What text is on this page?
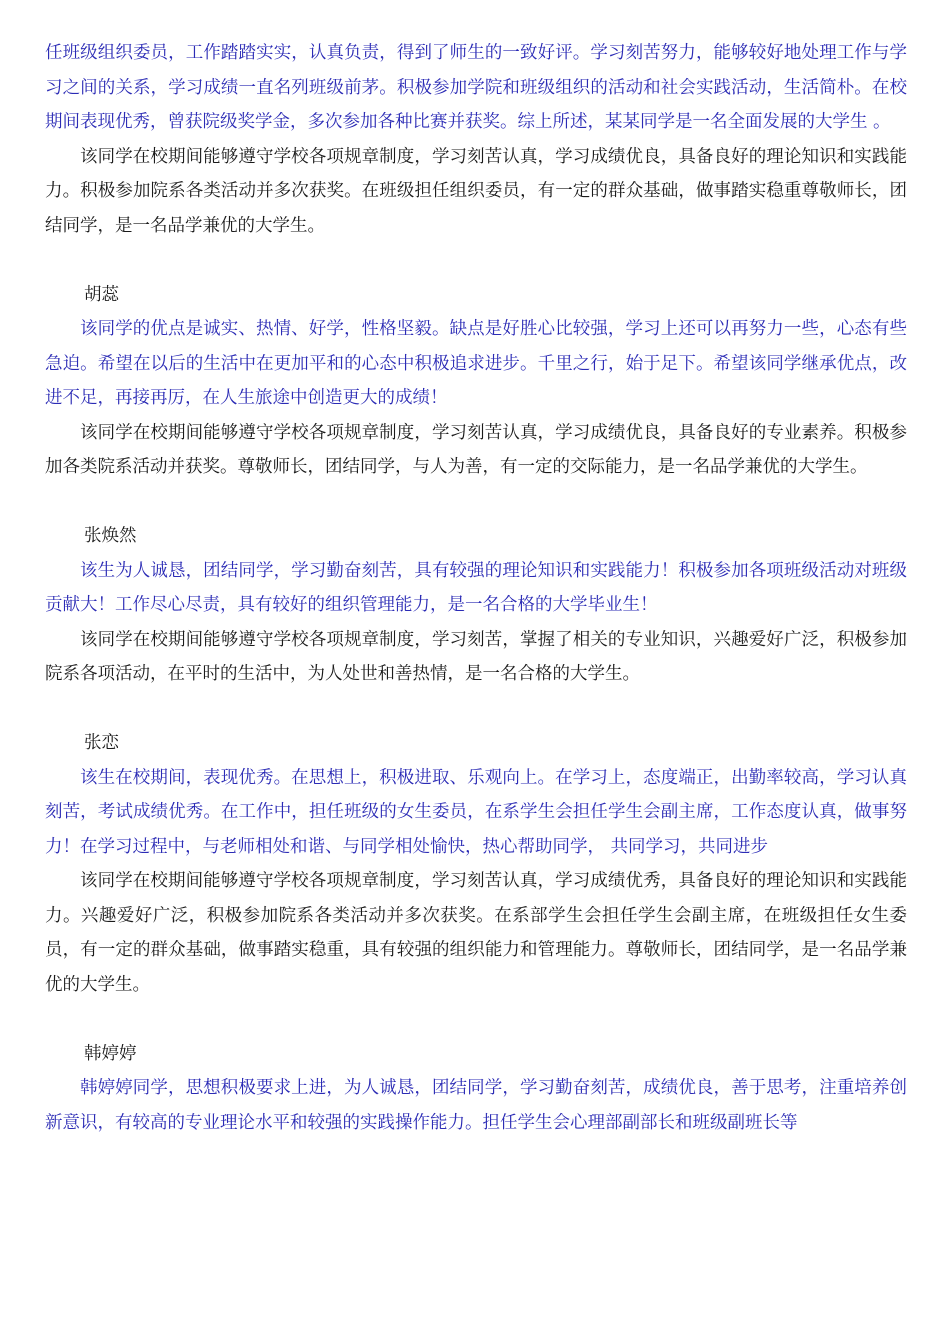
任班级组织委员，工作踏踏实实，认真负责，得到了师生的一致好评。学习刻苦努力，能够较好地处理工作与学习之间的关系，学习成绩一直名列班级前茅。积极参加学院和班级组织的活动和社会实践活动，生活简朴。在校期间表现优秀，曾获院级奖学金，多次参加各种比赛并获奖。综上所述，某某同学是一名全面发展的大学生 。

该同学在校期间能够遵守学校各项规章制度，学习刻苦认真，学习成绩优良，具备良好的理论知识和实践能力。积极参加院系各类活动并多次获奖。在班级担任组织委员，有一定的群众基础，做事踏实稳重尊敬师长，团结同学，是一名品学兼优的大学生。

胡蕊

该同学的优点是诚实、热情、好学，性格坚毅。缺点是好胜心比较强，学习上还可以再努力一些，心态有些急迫。希望在以后的生活中在更加平和的心态中积极追求进步。千里之行，始于足下。希望该同学继承优点，改进不足，再接再厉，在人生旅途中创造更大的成绩！

该同学在校期间能够遵守学校各项规章制度，学习刻苦认真，学习成绩优良，具备良好的专业素养。积极参加各类院系活动并获奖。尊敬师长，团结同学，与人为善，有一定的交际能力，是一名品学兼优的大学生。

张焕然

该生为人诚恳，团结同学，学习勤奋刻苦，具有较强的理论知识和实践能力！积极参加各项班级活动对班级贡献大！工作尽心尽责，具有较好的组织管理能力，是一名合格的大学毕业生！

该同学在校期间能够遵守学校各项规章制度，学习刻苦，掌握了相关的专业知识，兴趣爱好广泛，积极参加院系各项活动，在平时的生活中，为人处世和善热情，是一名合格的大学生。

张恋

该生在校期间，表现优秀。在思想上，积极进取、乐观向上。在学习上，态度端正，出勤率较高，学习认真刻苦，考试成绩优秀。在工作中，担任班级的女生委员，在系学生会担任学生会副主席，工作态度认真，做事努力！在学习过程中，与老师相处和谐、与同学相处愉快，热心帮助同学， 共同学习，共同进步

该同学在校期间能够遵守学校各项规章制度，学习刻苦认真，学习成绩优秀，具备良好的理论知识和实践能力。兴趣爱好广泛，积极参加院系各类活动并多次获奖。在系部学生会担任学生会副主席，在班级担任女生委员，有一定的群众基础，做事踏实稳重，具有较强的组织能力和管理能力。尊敬师长，团结同学，是一名品学兼优的大学生。

韩婷婷

韩婷婷同学，思想积极要求上进，为人诚恳，团结同学，学习勤奋刻苦，成绩优良，善于思考，注重培养创新意识，有较高的专业理论水平和较强的实践操作能力。担任学生会心理部副部长和班级副班长等
